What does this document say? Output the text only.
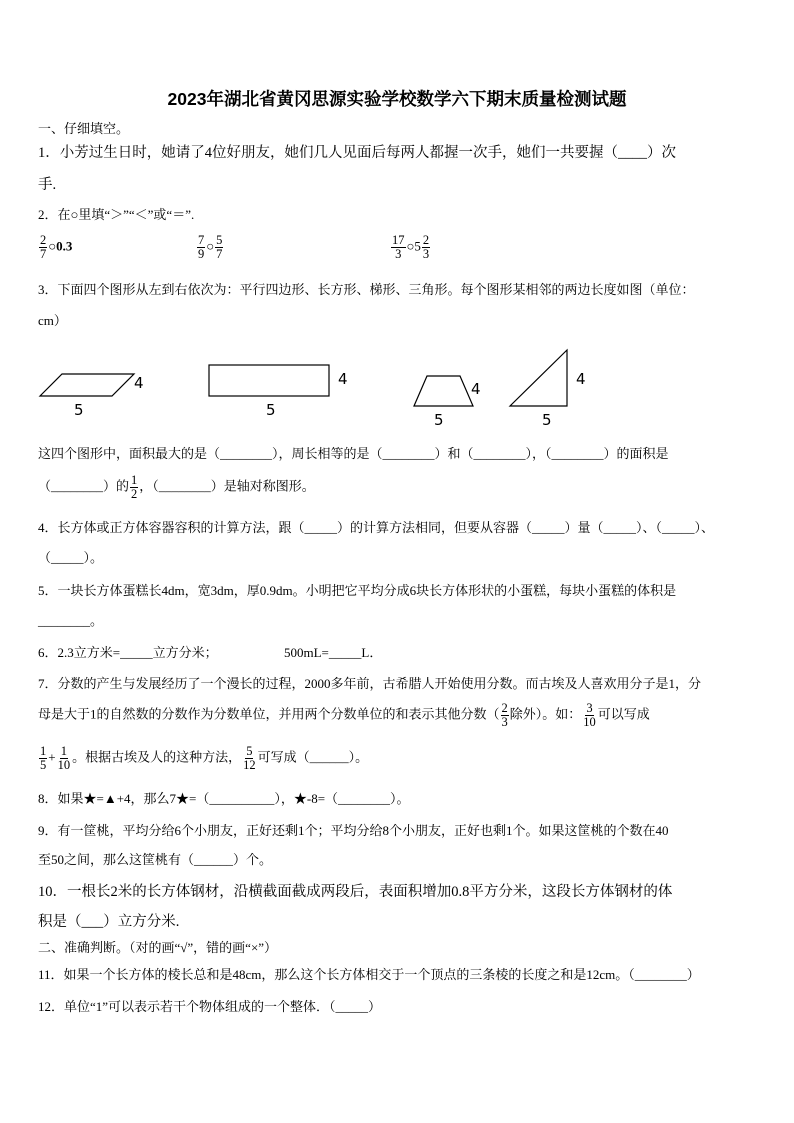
2023年湖北省黄冈思源实验学校数学六下期末质量检测试题
一、仔细填空。
1．小芳过生日时，她请了4位好朋友，她们几人见面后每两人都握一次手，她们一共要握（____）次
手.
2．在○里填“＞”“＜”或“＝”.
$\frac{2}{7}$ ○0.3	$\frac{7}{9}$ ○ $\frac{5}{7}$	$\frac{17}{3}$ ○5 $\frac{2}{3}$
3．下面四个图形从左到右依次为：平行四边形、长方形、梯形、三角形。每个图形某相邻的两边长度如图（单位：
cm）
4
5
4
5
4
5
4
5
这四个图形中，面积最大的是（________），周长相等的是（________）和（________），（________）的面积是
（________）的 $\frac{1}{2}$ ，（________）是轴对称图形。
4．长方体或正方体容器容积的计算方法，跟（_____）的计算方法相同，但要从容器（_____）量（_____）、（_____）、
（_____）。
5．一块长方体蛋糕长4dm，宽3dm，厚0.9dm。小明把它平均分成6块长方体形状的小蛋糕，每块小蛋糕的体积是
________。
6．2.3立方米=_____立方分米；	500mL=_____L．
7．分数的产生与发展经历了一个漫长的过程，2000多年前，古希腊人开始使用分数。而古埃及人喜欢用分子是1，分
母是大于1的自然数的分数作为分数单位，并用两个分数单位的和表示其他分数（ $\frac{2}{3}$ 除外）。如： $\frac{3}{10}$ 可以写成
$\frac{1}{5} + \frac{1}{10}$ 。根据古埃及人的这种方法， $\frac{5}{12}$ 可写成（______）。
8．如果★=▲+4，那么7★=（__________），★-8=（________）。
9．有一筐桃，平均分给6个小朋友，正好还剩1个；平均分给8个小朋友，正好也剩1个。如果这筐桃的个数在40
至50之间，那么这筐桃有（______）个。
10．一根长2米的长方体钢材，沿横截面截成两段后，表面积增加0.8平方分米，这段长方体钢材的体
积是（___）立方分米.
二、准确判断。（对的画“√”，错的画“×”）
11．如果一个长方体的棱长总和是48cm，那么这个长方体相交于一个顶点的三条棱的长度之和是12cm。（________）
12．单位“1”可以表示若干个物体组成的一个整体．（_____）
